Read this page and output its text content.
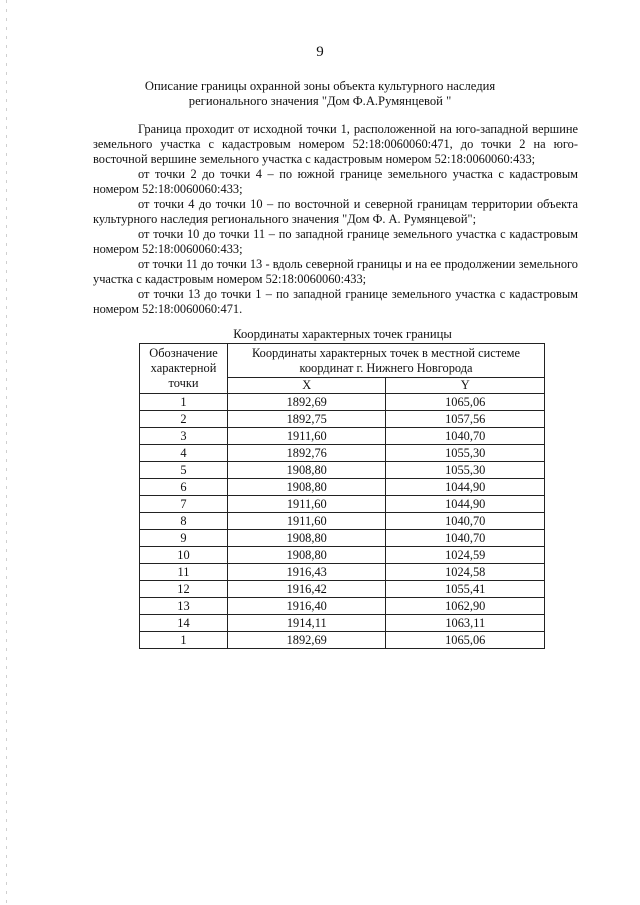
9
Описание границы охранной зоны объекта культурного наследия
регионального значения "Дом Ф.А.Румянцевой "

Граница проходит от исходной точки 1, расположенной на юго-западной вершине земельного участка с кадастровым номером 52:18:0060060:471, до точки 2 на юго-восточной вершине земельного участка с кадастровым номером 52:18:0060060:433;

от точки 2 до точки 4 – по южной границе земельного участка с кадастровым номером 52:18:0060060:433;

от точки 4 до точки 10 – по восточной и северной границам территории объекта культурного наследия регионального значения "Дом Ф. А. Румянцевой";

от точки 10 до точки 11 – по западной границе земельного участка с кадастровым номером 52:18:0060060:433;

от точки 11 до точки 13 - вдоль северной границы и на ее продолжении земельного участка с кадастровым номером 52:18:0060060:433;

от точки 13 до точки 1 – по западной границе земельного участка с кадастровым номером 52:18:0060060:471.

Координаты характерных точек границы
Обозначение характерной точки	Координаты характерных точек в местной системе координат г. Нижнего Новгорода	
	X	Y
1	1892,69	1065,06
2	1892,75	1057,56
3	1911,60	1040,70
4	1892,76	1055,30
5	1908,80	1055,30
6	1908,80	1044,90
7	1911,60	1044,90
8	1911,60	1040,70
9	1908,80	1040,70
10	1908,80	1024,59
11	1916,43	1024,58
12	1916,42	1055,41
13	1916,40	1062,90
14	1914,11	1063,11
1	1892,69	1065,06
